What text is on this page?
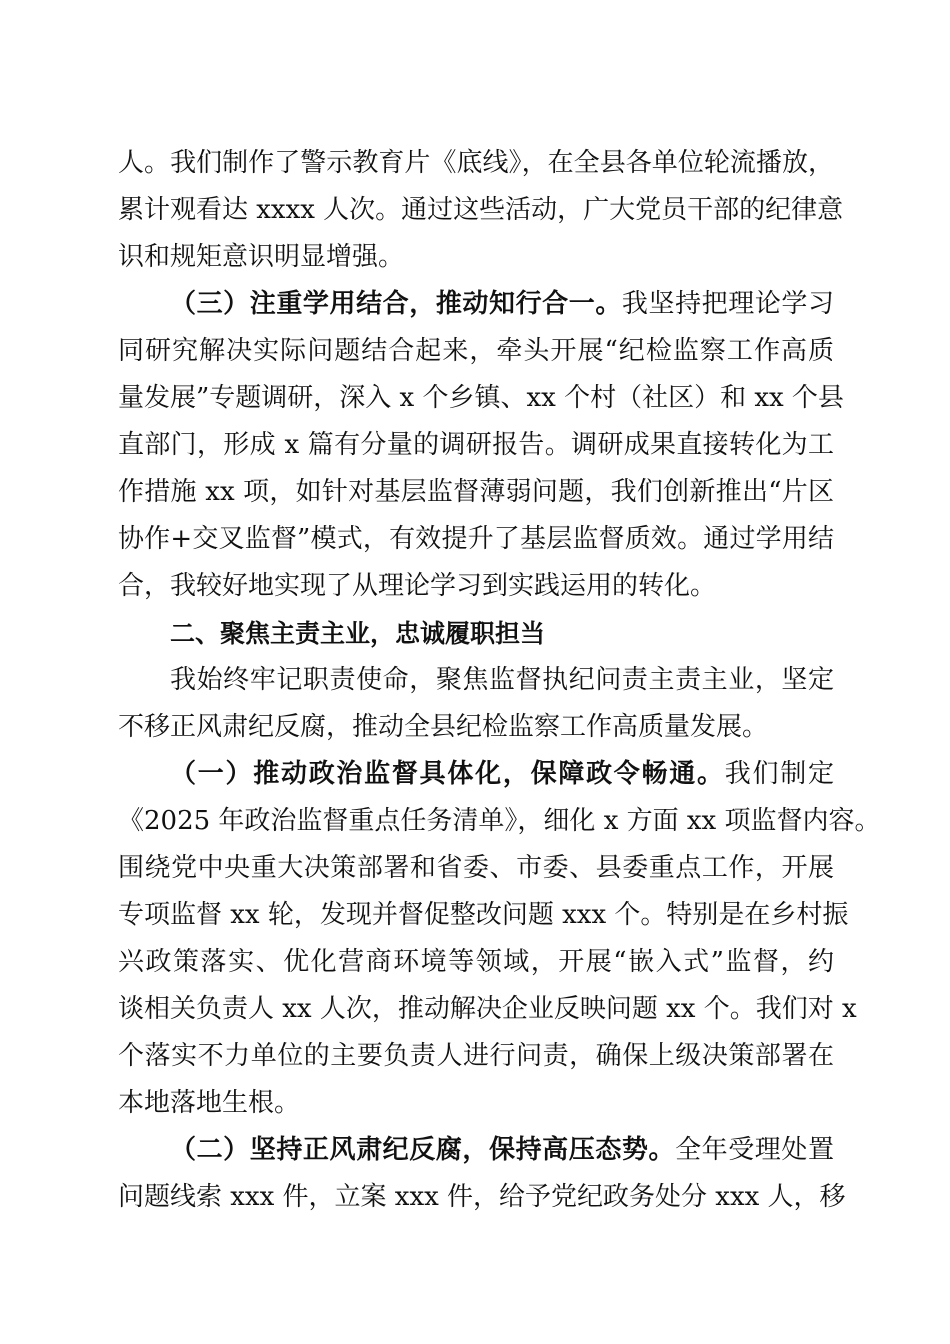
人。我们制作了警示教育片《底线》，在全县各单位轮流播放，
累计观看达 xxxx 人次。通过这些活动，广大党员干部的纪律意
识和规矩意识明显增强。
（三）注重学用结合，推动知行合一。我坚持把理论学习
同研究解决实际问题结合起来，牵头开展“纪检监察工作高质
量发展”专题调研，深入 x 个乡镇、xx 个村（社区）和 xx 个县
直部门，形成 x 篇有分量的调研报告。调研成果直接转化为工
作措施 xx 项，如针对基层监督薄弱问题，我们创新推出“片区
协作+交叉监督”模式，有效提升了基层监督质效。通过学用结
合，我较好地实现了从理论学习到实践运用的转化。
二、聚焦主责主业，忠诚履职担当
我始终牢记职责使命，聚焦监督执纪问责主责主业，坚定
不移正风肃纪反腐，推动全县纪检监察工作高质量发展。
（一）推动政治监督具体化，保障政令畅通。我们制定
《2025 年政治监督重点任务清单》，细化 x 方面 xx 项监督内容。
围绕党中央重大决策部署和省委、市委、县委重点工作，开展
专项监督 xx 轮，发现并督促整改问题 xxx 个。特别是在乡村振
兴政策落实、优化营商环境等领域，开展“嵌入式”监督，约
谈相关负责人 xx 人次，推动解决企业反映问题 xx 个。我们对 x
个落实不力单位的主要负责人进行问责，确保上级决策部署在
本地落地生根。
（二）坚持正风肃纪反腐，保持高压态势。全年受理处置
问题线索 xxx 件，立案 xxx 件，给予党纪政务处分 xxx 人，移
